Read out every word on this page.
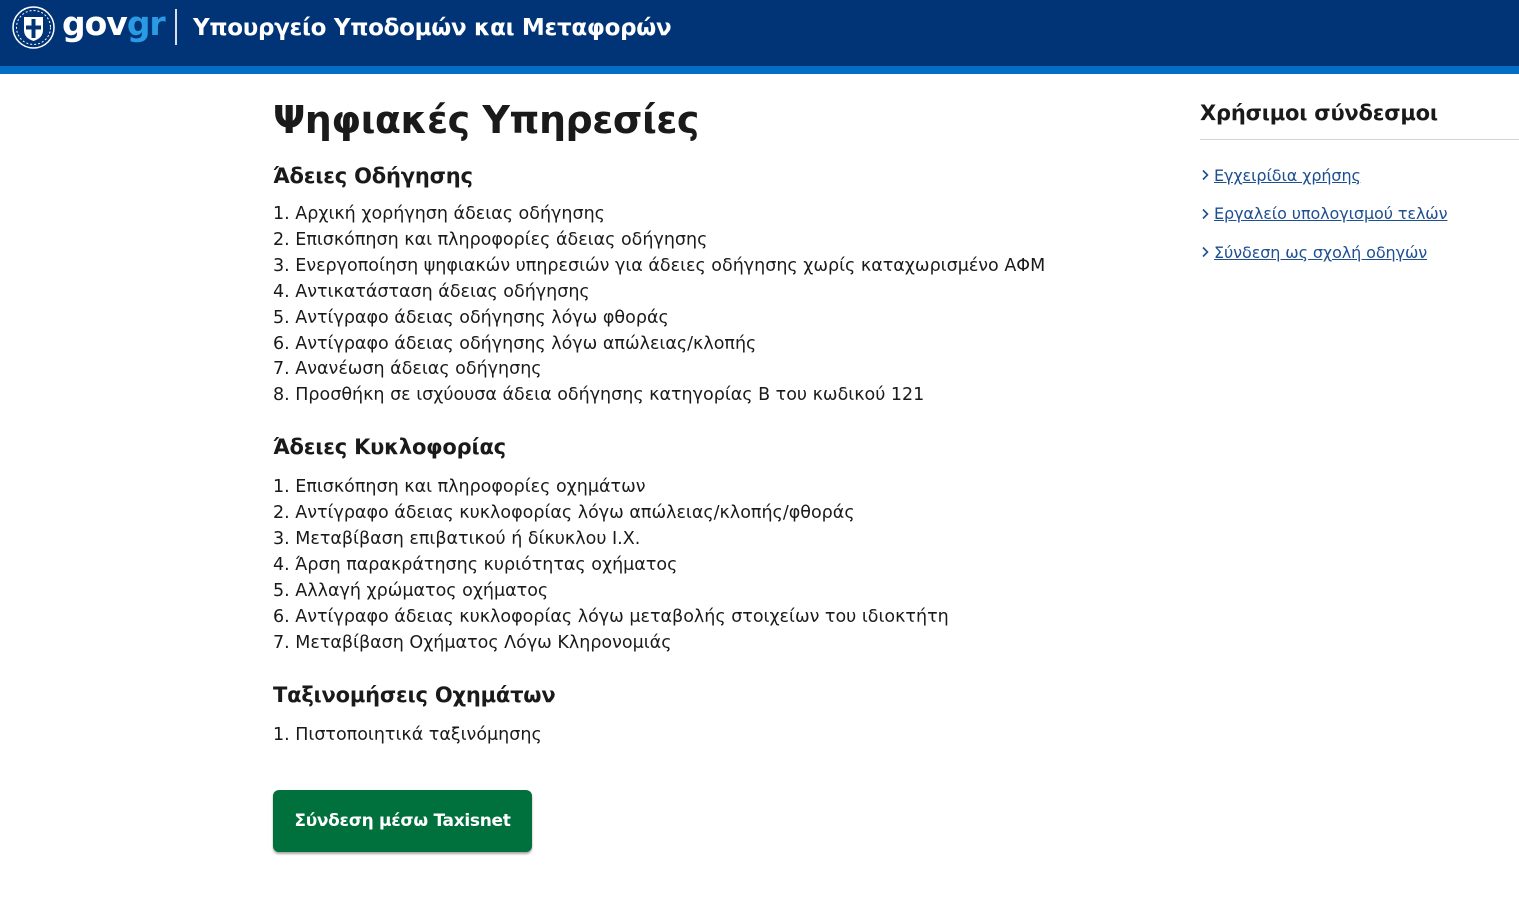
govgr Υπουργείο Υποδομών και Μεταφορών
Ψηφιακές Υπηρεσίες
Άδειες Οδήγησης
1. Αρχική χορήγηση άδειας οδήγησης
2. Επισκόπηση και πληροφορίες άδειας οδήγησης
3. Ενεργοποίηση ψηφιακών υπηρεσιών για άδειες οδήγησης χωρίς καταχωρισμένο ΑΦΜ
4. Αντικατάσταση άδειας οδήγησης
5. Αντίγραφο άδειας οδήγησης λόγω φθοράς
6. Αντίγραφο άδειας οδήγησης λόγω απώλειας/κλοπής
7. Ανανέωση άδειας οδήγησης
8. Προσθήκη σε ισχύουσα άδεια οδήγησης κατηγορίας B του κωδικού 121
Άδειες Κυκλοφορίας
1. Επισκόπηση και πληροφορίες οχημάτων
2. Αντίγραφο άδειας κυκλοφορίας λόγω απώλειας/κλοπής/φθοράς
3. Μεταβίβαση επιβατικού ή δίκυκλου Ι.Χ.
4. Άρση παρακράτησης κυριότητας οχήματος
5. Αλλαγή χρώματος οχήματος
6. Αντίγραφο άδειας κυκλοφορίας λόγω μεταβολής στοιχείων του ιδιοκτήτη
7. Μεταβίβαση Οχήματος Λόγω Κληρονομιάς
Ταξινομήσεις Οχημάτων
1. Πιστοποιητικά ταξινόμησης
Σύνδεση μέσω Taxisnet
Χρήσιμοι σύνδεσμοι
Εγχειρίδια χρήσης
Εργαλείο υπολογισμού τελών
Σύνδεση ως σχολή οδηγών
